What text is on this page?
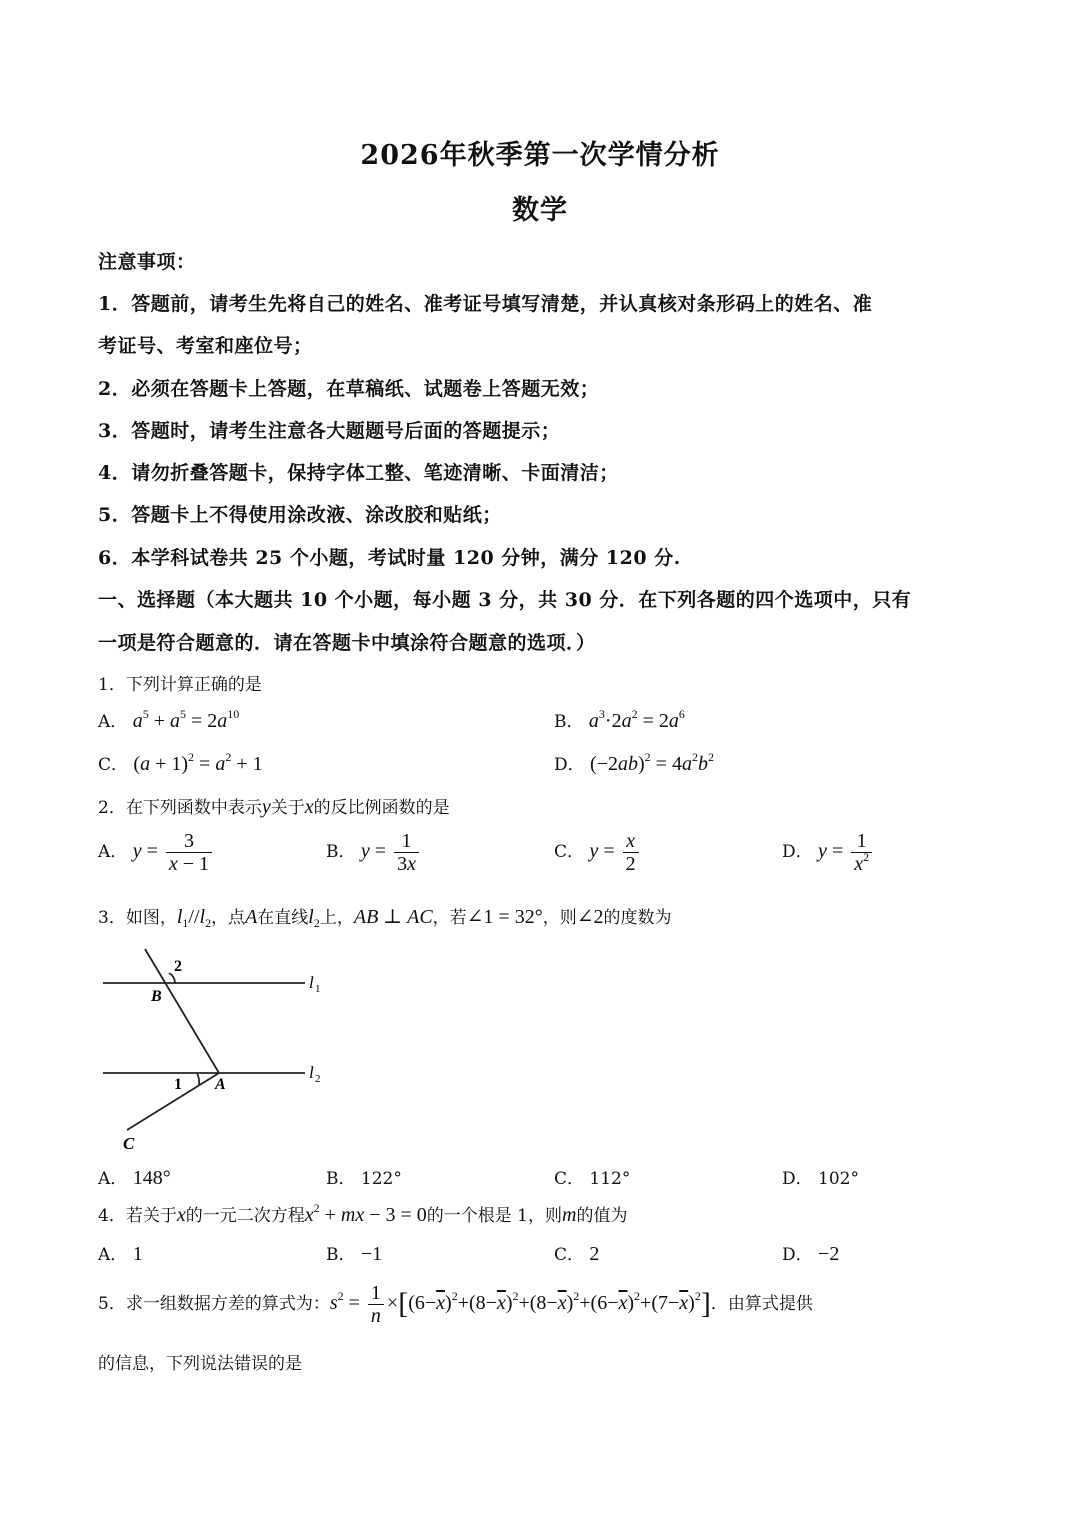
2026年秋季第一次学情分析
数学
注意事项：
1．答题前，请考生先将自己的姓名、准考证号填写清楚，并认真核对条形码上的姓名、准
考证号、考室和座位号；
2．必须在答题卡上答题，在草稿纸、试题卷上答题无效；
3．答题时，请考生注意各大题题号后面的答题提示；
4．请勿折叠答题卡，保持字体工整、笔迹清晰、卡面清洁；
5．答题卡上不得使用涂改液、涂改胶和贴纸；
6．本学科试卷共 25 个小题，考试时量 120 分钟，满分 120 分.
一、选择题（本大题共 10 个小题，每小题 3 分，共 30 分．在下列各题的四个选项中，只有
一项是符合题意的．请在答题卡中填涂符合题意的选项．）
1．下列计算正确的是
A． $a^5 + a^5 = 2a^{10}$	B． $a^3\cdot 2a^2 = 2a^6$
C． $(a + 1)^2 = a^2 + 1$	D． $(-2ab)^2 = 4a^2b^2$
2．在下列函数中表示y关于x的反比例函数的是
A． $y = \frac{3}{x - 1}$	B． $y = \frac{1}{3x}$	C． $y = \frac{x}{2}$	D． $y = \frac{1}{x^2}$
3．如图，$l_1//l_2$，点A在直线$l_2$上，AB ⊥ AC，若∠1 = 32°，则∠2的度数为
2
B
l 1
1 A
l 2
C
A． 148°	B． 122°	C． 112°	D． 102°
4．若关于x的一元二次方程$x^2$ + mx − 3 = 0的一个根是 1，则m的值为
A． 1	B． −1	C． 2	D． −2
5．求一组数据方差的算式为：$s^2 = \frac{1}{n} \times[(6-\overline{x})^2+(8-\overline{x})^2+(8-\overline{x})^2+(6-\overline{x})^2+(7-\overline{x})^2]$．由算式提供
的信息，下列说法错误的是
